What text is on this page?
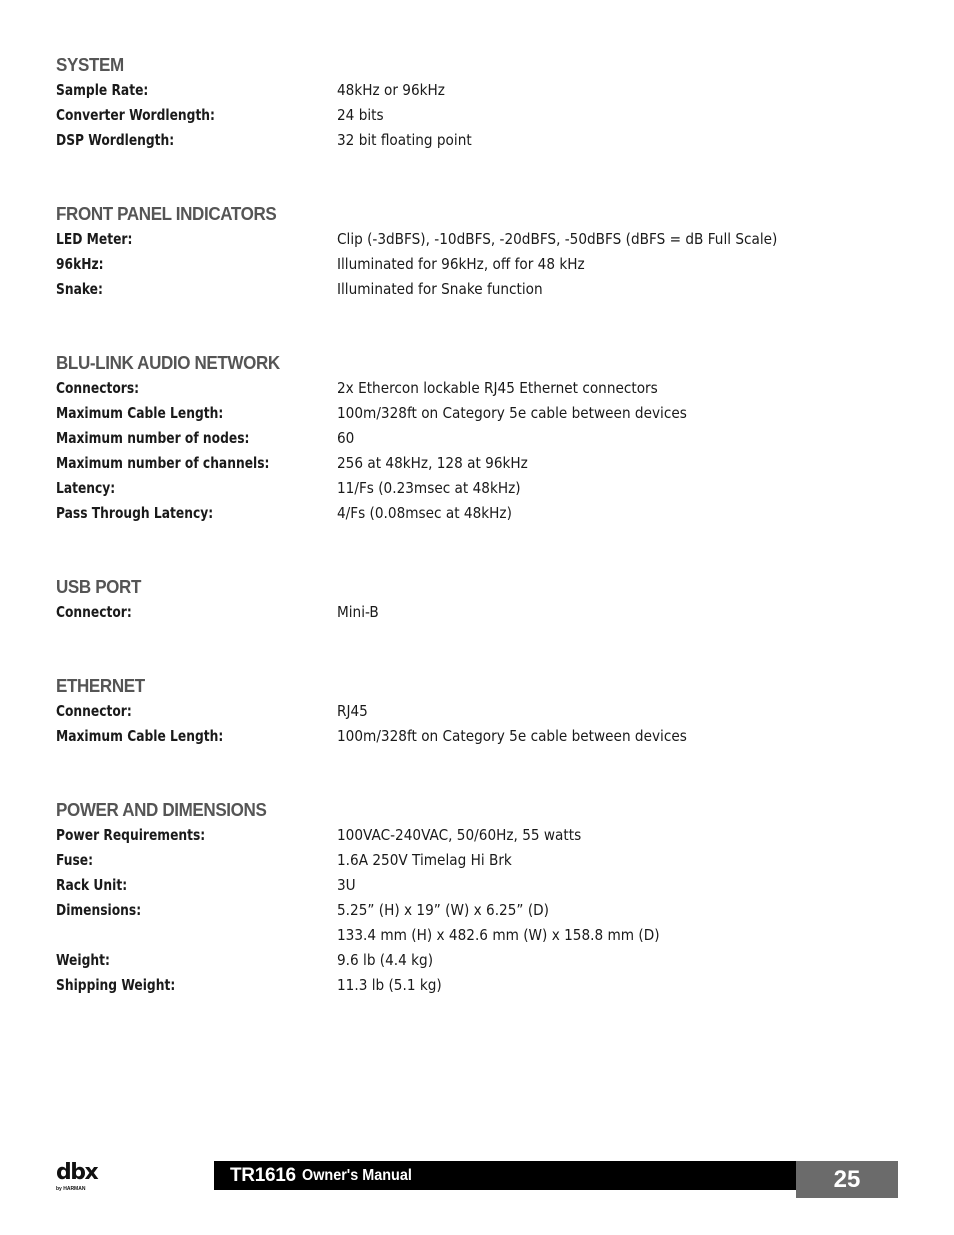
SYSTEM
Sample Rate:	48kHz or 96kHz
Converter Wordlength:	24 bits
DSP Wordlength:	32 bit floating point
FRONT PANEL INDICATORS
LED Meter:	Clip (-3dBFS), -10dBFS, -20dBFS, -50dBFS (dBFS = dB Full Scale)
96kHz:	Illuminated for 96kHz, off for 48 kHz
Snake:	Illuminated for Snake function
BLU-LINK AUDIO NETWORK
Connectors:	2x Ethercon lockable RJ45 Ethernet connectors
Maximum Cable Length:	100m/328ft on Category 5e cable between devices
Maximum number of nodes:	60
Maximum number of channels:	256 at 48kHz, 128 at 96kHz
Latency:	11/Fs (0.23msec at 48kHz)
Pass Through Latency:	4/Fs (0.08msec at 48kHz)
USB PORT
Connector:	Mini-B
ETHERNET
Connector:	RJ45
Maximum Cable Length:	100m/328ft on Category 5e cable between devices
POWER AND DIMENSIONS
Power Requirements:	100VAC-240VAC, 50/60Hz, 55 watts
Fuse:	1.6A 250V Timelag Hi Brk
Rack Unit:	3U
Dimensions:	5.25” (H) x 19” (W) x 6.25” (D)
133.4 mm (H) x 482.6 mm (W) x 158.8 mm (D)
Weight:	9.6 lb (4.4 kg)
Shipping Weight:	11.3 lb (5.1 kg)
dbx
by HARMAN
TR1616 Owner's Manual	25
